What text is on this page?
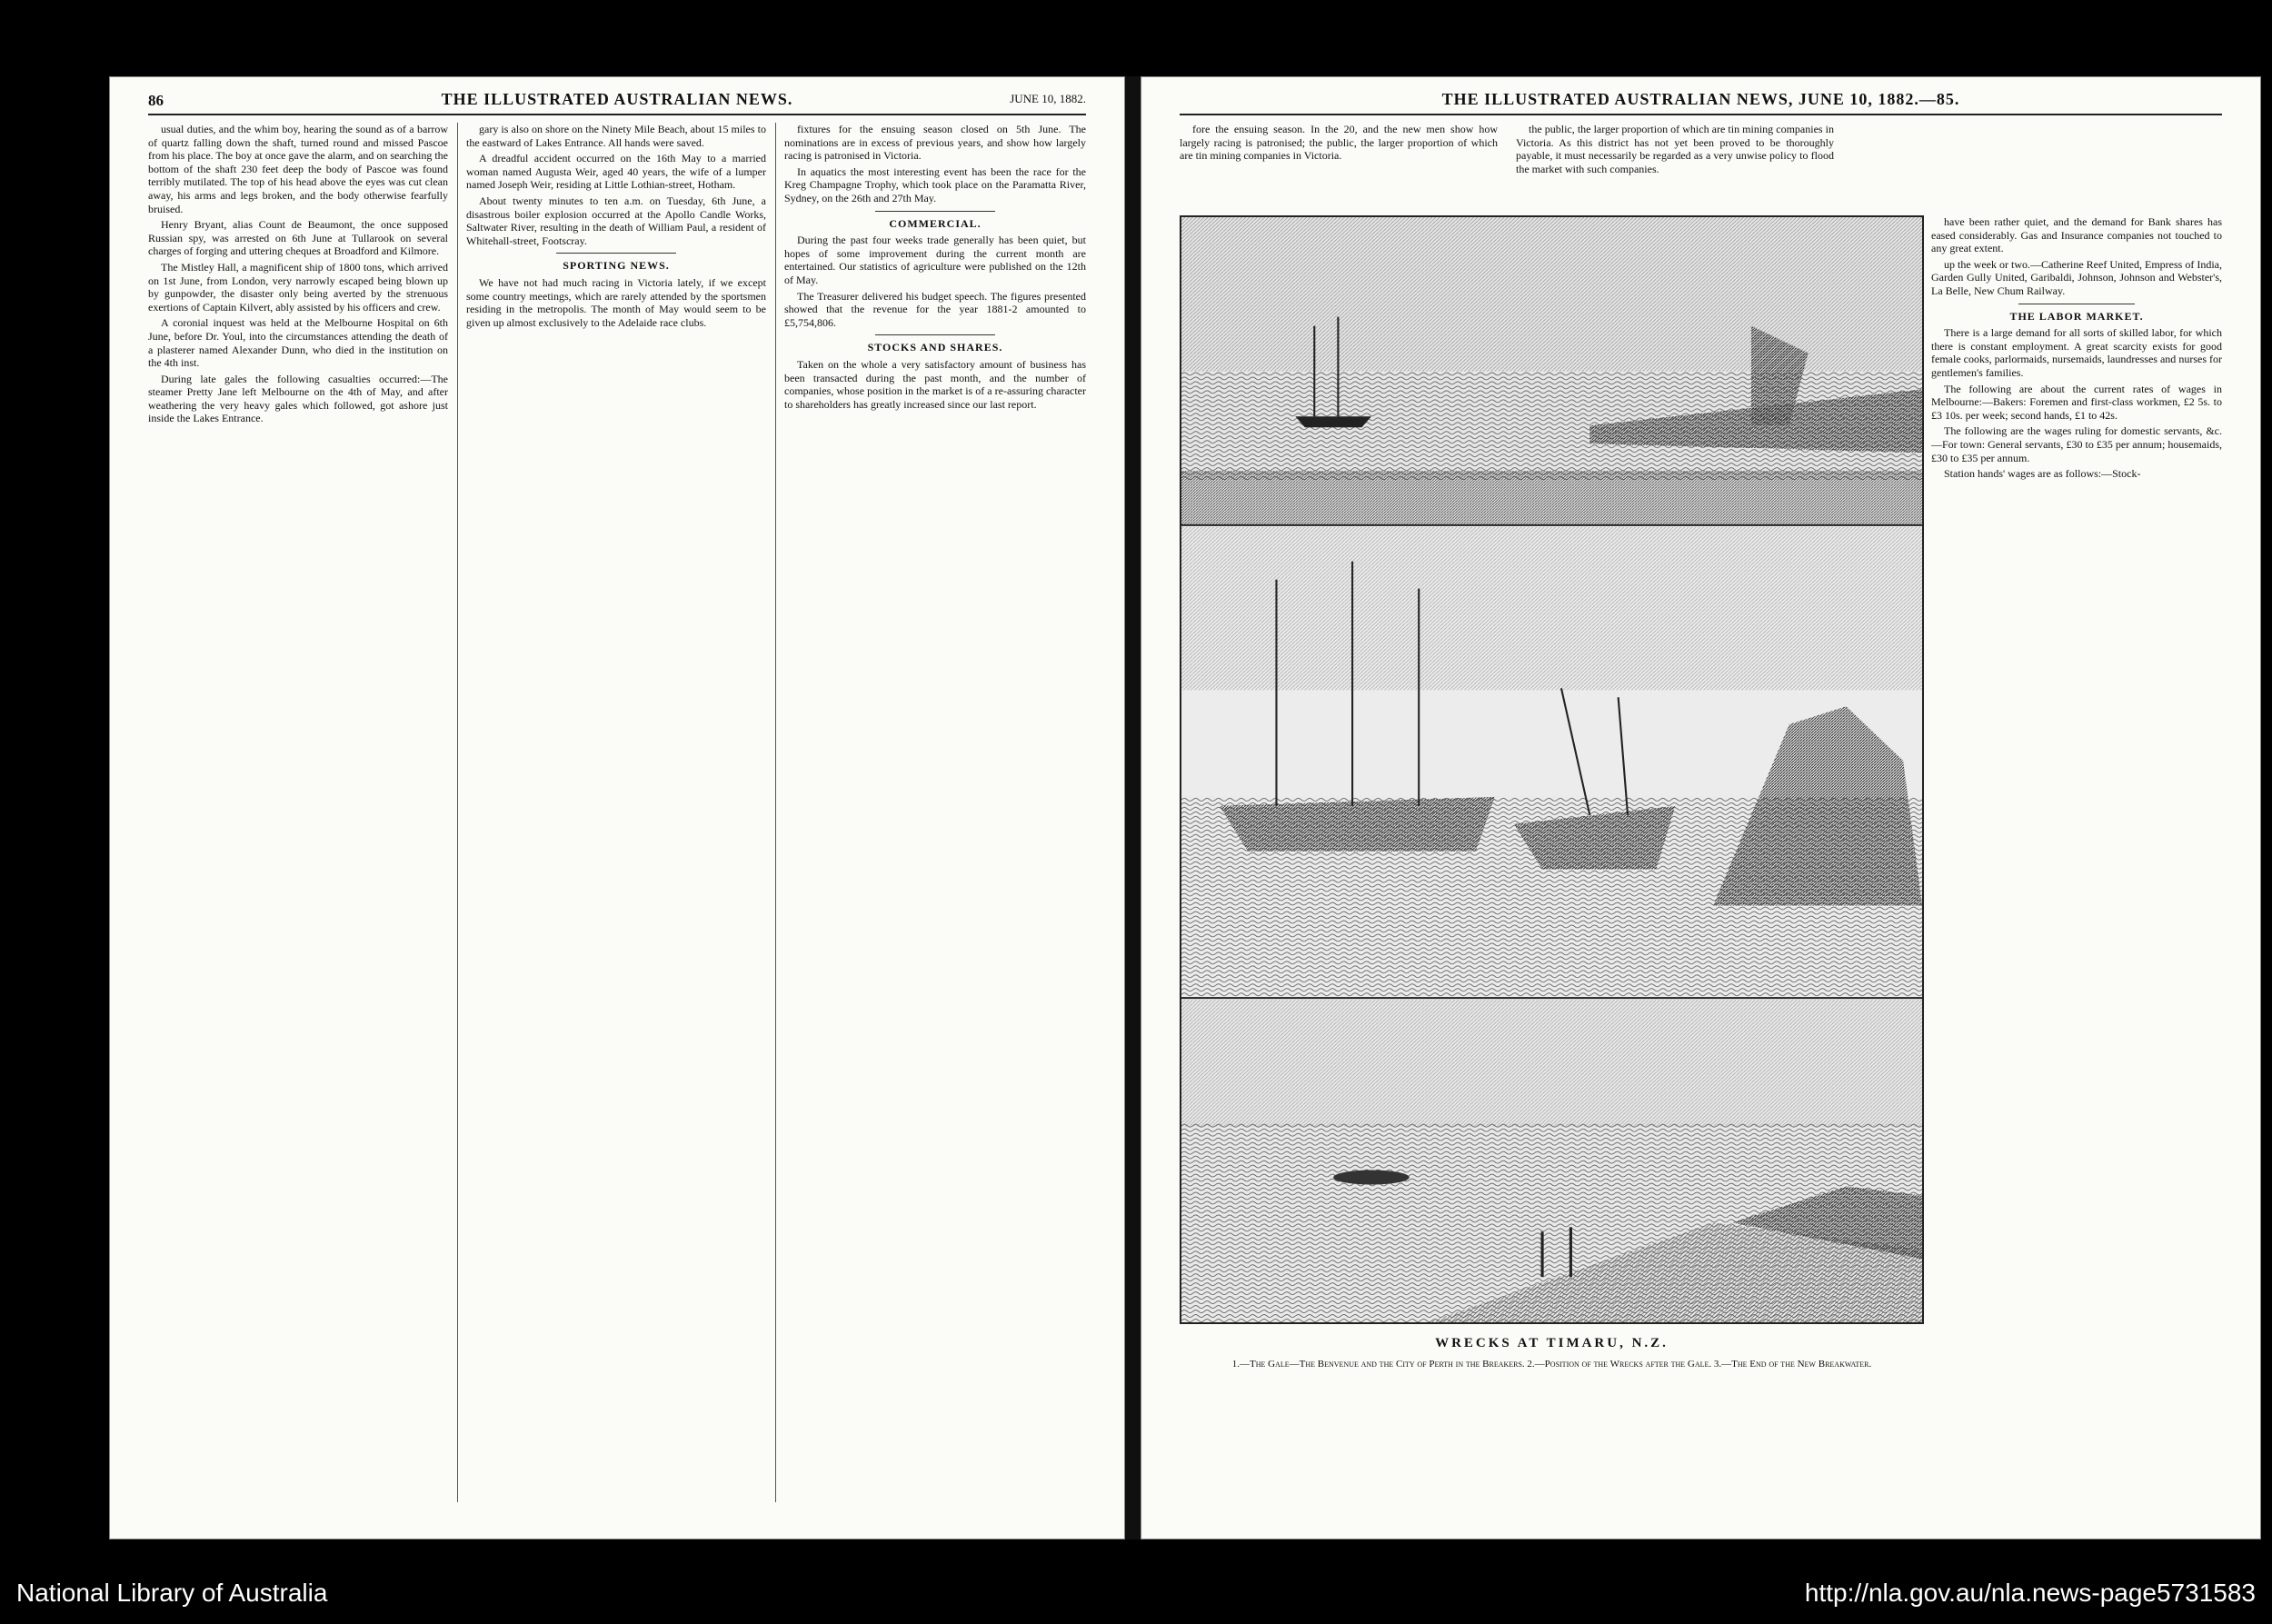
86	THE ILLUSTRATED AUSTRALIAN NEWS.	JUNE 10, 1882.

usual duties, and the whim boy, hearing the sound as of a barrow of quartz falling down the shaft, turned round and missed Pascoe from his place. The boy at once gave the alarm, and on searching the bottom of the shaft 230 feet deep the body of Pascoe was found terribly mutilated. The top of his head above the eyes was cut clean away, his arms and legs broken, and the body otherwise fearfully bruised.

Henry Bryant, alias Count de Beaumont, the once supposed Russian spy, was arrested on 6th June at Tullarook on several charges of forging and uttering cheques at Broadford and Kilmore.

The Mistley Hall, a magnificent ship of 1800 tons, which arrived on 1st June, from London, very narrowly escaped being blown up by gunpowder, the disaster only being averted by the strenuous exertions of Captain Kilvert, ably assisted by his officers and crew.

A coronial inquest was held at the Melbourne Hospital on 6th June, before Dr. Youl, into the circumstances attending the death of a plasterer named Alexander Dunn, who died in the institution on the 4th inst.

During late gales the following casualties occurred:—The steamer Pretty Jane left Melbourne on the 4th of May, and after weathering the very heavy gales which followed, got ashore just inside the Lakes Entrance.

gary is also on shore on the Ninety Mile Beach, about 15 miles to the eastward of Lakes Entrance. All hands were saved.

A dreadful accident occurred on the 16th May to a married woman named Augusta Weir, aged 40 years, the wife of a lumper named Joseph Weir, residing at Little Lothian-street, Hotham.

About twenty minutes to ten a.m. on Tuesday, 6th June, a disastrous boiler explosion occurred at the Apollo Candle Works, Saltwater River, resulting in the death of William Paul, a resident of Whitehall-street, Footscray.

SPORTING NEWS.

We have not had much racing in Victoria lately, if we except some country meetings, which are rarely attended by the sportsmen residing in the metropolis. The month of May would seem to be given up almost exclusively to the Adelaide race clubs.

fixtures for the ensuing season closed on 5th June. The nominations are in excess of previous years, and show how largely racing is patronised in Victoria.

In aquatics the most interesting event has been the race for the Kreg Champagne Trophy, which took place on the Paramatta River, Sydney, on the 26th and 27th May.

COMMERCIAL.

During the past four weeks trade generally has been quiet, but hopes of some improvement during the current month are entertained. Our statistics of agriculture were published on the 12th of May.

The Treasurer delivered his budget speech. The figures presented showed that the revenue for the year 1881-2 amounted to £5,754,806.

STOCKS AND SHARES.

Taken on the whole a very satisfactory amount of business has been transacted during the past month, and the number of companies, whose position in the market is of a re-assuring character to shareholders has greatly increased since our last report.

THE ILLUSTRATED AUSTRALIAN NEWS, JUNE 10, 1882.—85.

fore the ensuing season. In the 20, and the new men show how largely racing is patronised; the public, the larger proportion of which are tin mining companies in Victoria.

the public, the larger proportion of which are tin mining companies in Victoria. As this district has not yet been proved to be thoroughly payable, it must necessarily be regarded as a very unwise policy to flood the market with such companies.

have been rather quiet, and the demand for Bank shares has eased considerably. Gas and Insurance companies not touched to any great extent.

up the week or two.—Catherine Reef United, Empress of India, Garden Gully United, Garibaldi, Johnson, Johnson and Webster's, La Belle, New Chum Railway.

THE LABOR MARKET.

There is a large demand for all sorts of skilled labor, for which there is constant employment. A great scarcity exists for good female cooks, parlormaids, nursemaids, laundresses and nurses for gentlemen's families.

The following are about the current rates of wages in Melbourne:—Bakers: Foremen and first-class workmen, £2 5s. to £3 10s. per week; second hands, £1 to 42s.

The following are the wages ruling for domestic servants, &c.—For town: General servants, £30 to £35 per annum; housemaids, £30 to £35 per annum.

Station hands' wages are as follows:—Stock-

WRECKS AT TIMARU, N.Z.
1.—The Gale—The Benvenue and the City of Perth in the Breakers. 2.—Position of the Wrecks after the Gale. 3.—The End of the New Breakwater.
National Library of Australia	http://nla.gov.au/nla.news-page5731583
